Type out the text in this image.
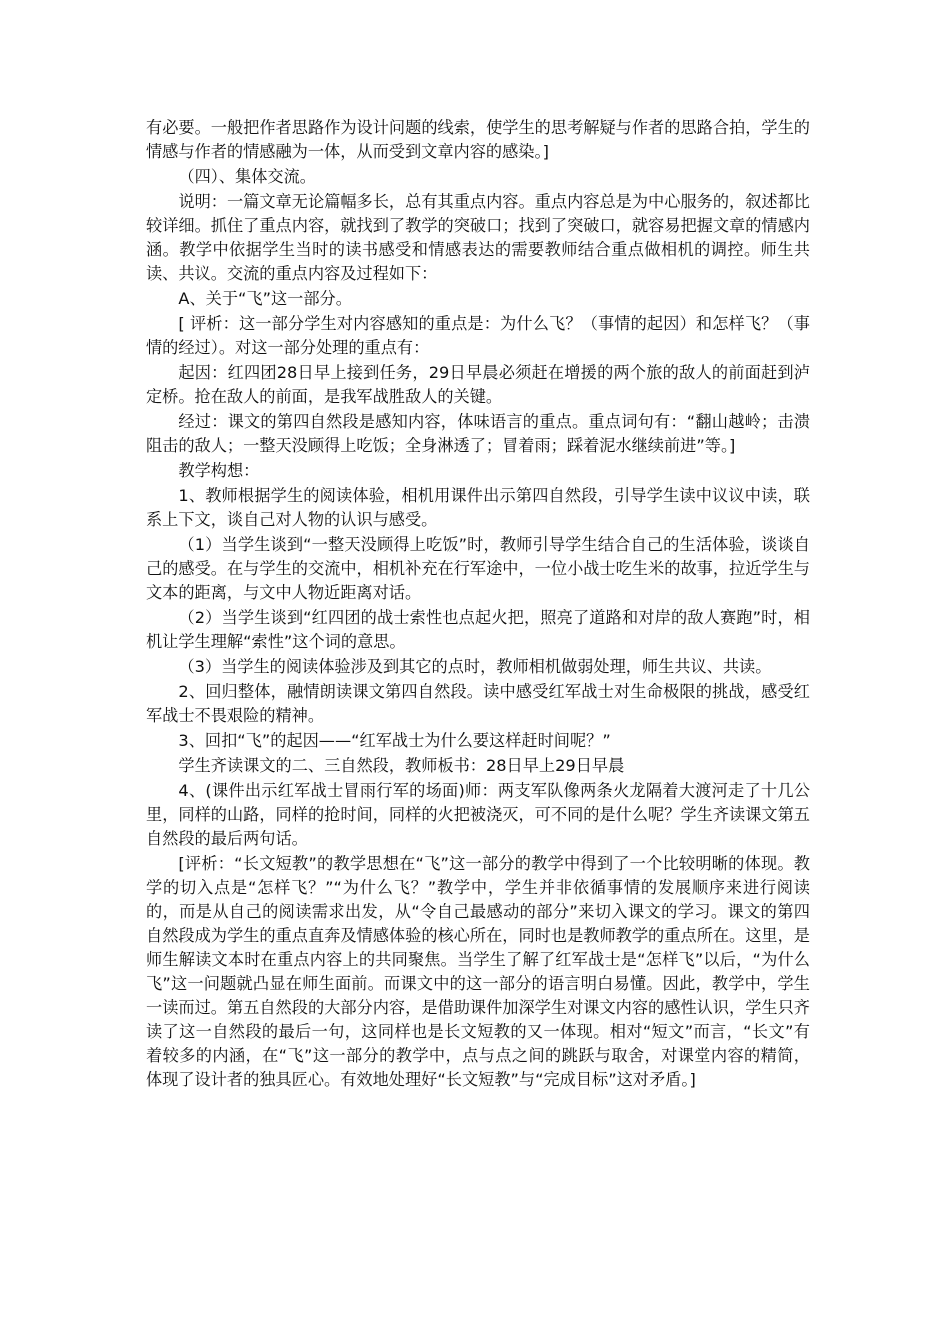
有必要。一般把作者思路作为设计问题的线索，使学生的思考解疑与作者的思路合拍，学生的情感与作者的情感融为一体，从而受到文章内容的感染。]

（四）、集体交流。

说明：一篇文章无论篇幅多长，总有其重点内容。重点内容总是为中心服务的，叙述都比较详细。抓住了重点内容，就找到了教学的突破口；找到了突破口，就容易把握文章的情感内涵。教学中依据学生当时的读书感受和情感表达的需要教师结合重点做相机的调控。师生共读、共议。交流的重点内容及过程如下：

A、关于“飞”这一部分。

[ 评析：这一部分学生对内容感知的重点是：为什么飞？（事情的起因）和怎样飞？（事情的经过）。对这一部分处理的重点有：

起因：红四团28日早上接到任务，29日早晨必须赶在增援的两个旅的敌人的前面赶到泸定桥。抢在敌人的前面，是我军战胜敌人的关键。

经过：课文的第四自然段是感知内容，体味语言的重点。重点词句有：“翻山越岭；击溃阻击的敌人；一整天没顾得上吃饭；全身淋透了；冒着雨；踩着泥水继续前进”等。]

教学构想：

1、教师根据学生的阅读体验，相机用课件出示第四自然段，引导学生读中议议中读，联系上下文，谈自己对人物的认识与感受。

（1）当学生谈到“一整天没顾得上吃饭”时，教师引导学生结合自己的生活体验，谈谈自己的感受。在与学生的交流中，相机补充在行军途中，一位小战士吃生米的故事，拉近学生与文本的距离，与文中人物近距离对话。

（2）当学生谈到“红四团的战士索性也点起火把，照亮了道路和对岸的敌人赛跑”时，相机让学生理解“索性”这个词的意思。

（3）当学生的阅读体验涉及到其它的点时，教师相机做弱处理，师生共议、共读。

2、回归整体，融情朗读课文第四自然段。读中感受红军战士对生命极限的挑战，感受红军战士不畏艰险的精神。

3、回扣“飞”的起因——“红军战士为什么要这样赶时间呢？”

学生齐读课文的二、三自然段，教师板书：28日早上29日早晨

4、(课件出示红军战士冒雨行军的场面)师：两支军队像两条火龙隔着大渡河走了十几公里，同样的山路，同样的抢时间，同样的火把被浇灭，可不同的是什么呢？学生齐读课文第五自然段的最后两句话。

[评析：“长文短教”的教学思想在“飞”这一部分的教学中得到了一个比较明晰的体现。教学的切入点是“怎样飞？”“为什么飞？”教学中，学生并非依循事情的发展顺序来进行阅读的，而是从自己的阅读需求出发，从“令自己最感动的部分”来切入课文的学习。课文的第四自然段成为学生的重点直奔及情感体验的核心所在，同时也是教师教学的重点所在。这里，是师生解读文本时在重点内容上的共同聚焦。当学生了解了红军战士是“怎样飞”以后，“为什么飞”这一问题就凸显在师生面前。而课文中的这一部分的语言明白易懂。因此，教学中，学生一读而过。第五自然段的大部分内容，是借助课件加深学生对课文内容的感性认识，学生只齐读了这一自然段的最后一句，这同样也是长文短教的又一体现。相对“短文”而言，“长文”有着较多的内涵，在“飞”这一部分的教学中，点与点之间的跳跃与取舍，对课堂内容的精简，体现了设计者的独具匠心。有效地处理好“长文短教”与“完成目标”这对矛盾。]
